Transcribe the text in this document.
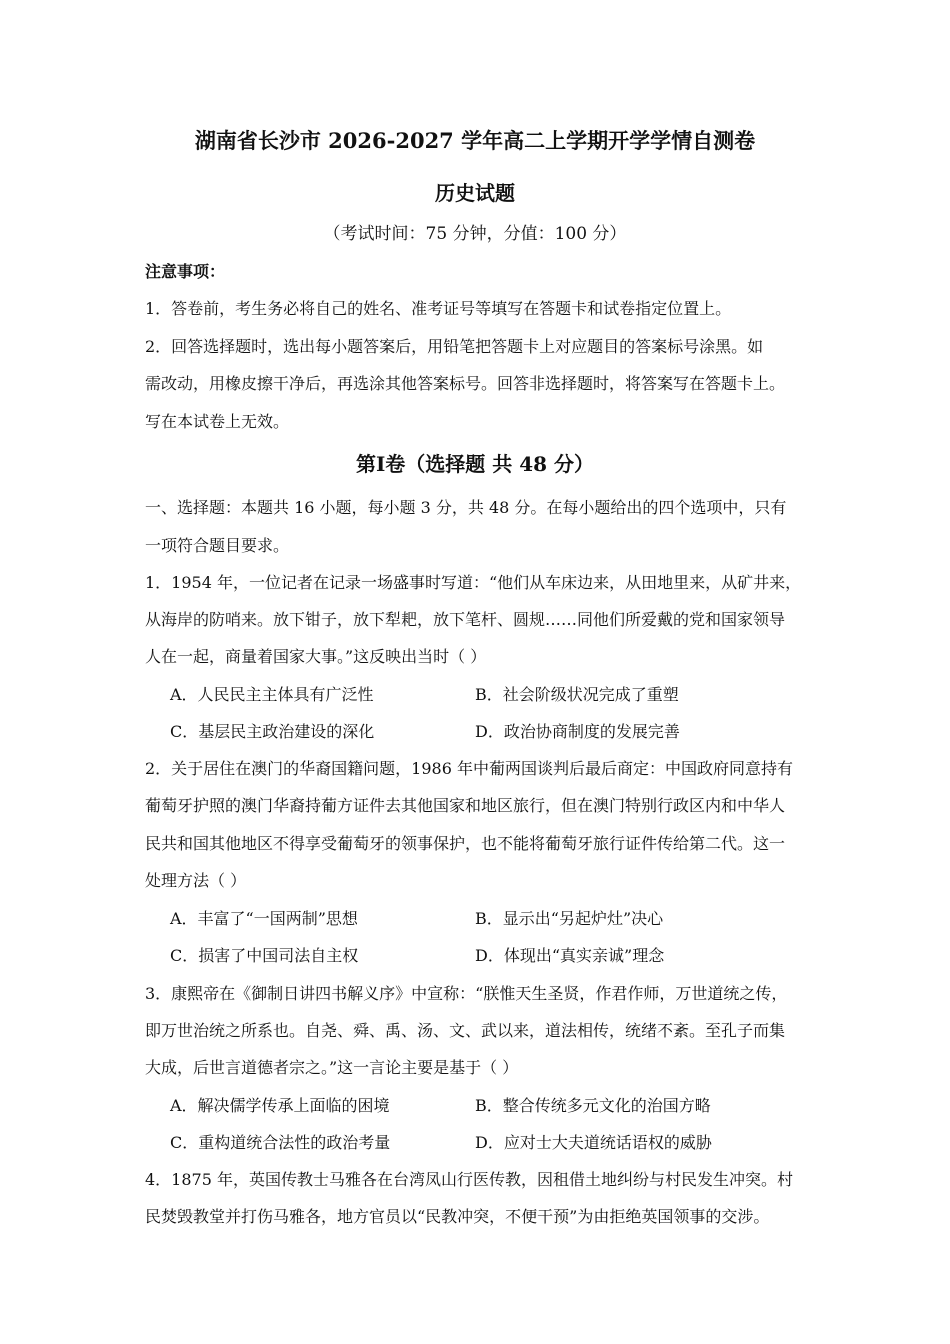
湖南省长沙市 2026-2027 学年高二上学期开学学情自测卷
历史试题
（考试时间：75 分钟，分值：100 分）
注意事项：
1．答卷前，考生务必将自己的姓名、准考证号等填写在答题卡和试卷指定位置上。
2．回答选择题时，选出每小题答案后，用铅笔把答题卡上对应题目的答案标号涂黑。如
需改动，用橡皮擦干净后，再选涂其他答案标号。回答非选择题时，将答案写在答题卡上。
写在本试卷上无效。
第Ⅰ卷（选择题 共 48 分）
一、选择题：本题共 16 小题，每小题 3 分，共 48 分。在每小题给出的四个选项中，只有
一项符合题目要求。
1．1954 年，一位记者在记录一场盛事时写道：“他们从车床边来，从田地里来，从矿井来，
从海岸的防哨来。放下钳子，放下犁耙，放下笔杆、圆规……同他们所爱戴的党和国家领导
人在一起，商量着国家大事。”这反映出当时（ ）
A．人民民主主体具有广泛性	B．社会阶级状况完成了重塑
C．基层民主政治建设的深化	D．政治协商制度的发展完善
2．关于居住在澳门的华裔国籍问题，1986 年中葡两国谈判后最后商定：中国政府同意持有
葡萄牙护照的澳门华裔持葡方证件去其他国家和地区旅行，但在澳门特别行政区内和中华人
民共和国其他地区不得享受葡萄牙的领事保护，也不能将葡萄牙旅行证件传给第二代。这一
处理方法（ ）
A．丰富了“一国两制”思想	B．显示出“另起炉灶”决心
C．损害了中国司法自主权	D．体现出“真实亲诚”理念
3．康熙帝在《御制日讲四书解义序》中宣称：“朕惟天生圣贤，作君作师，万世道统之传，
即万世治统之所系也。自尧、舜、禹、汤、文、武以来，道法相传，统绪不紊。至孔子而集
大成，后世言道德者宗之。”这一言论主要是基于（ ）
A．解决儒学传承上面临的困境	B．整合传统多元文化的治国方略
C．重构道统合法性的政治考量	D．应对士大夫道统话语权的威胁
4．1875 年，英国传教士马雅各在台湾凤山行医传教，因租借土地纠纷与村民发生冲突。村
民焚毁教堂并打伤马雅各，地方官员以“民教冲突，不便干预”为由拒绝英国领事的交涉。
